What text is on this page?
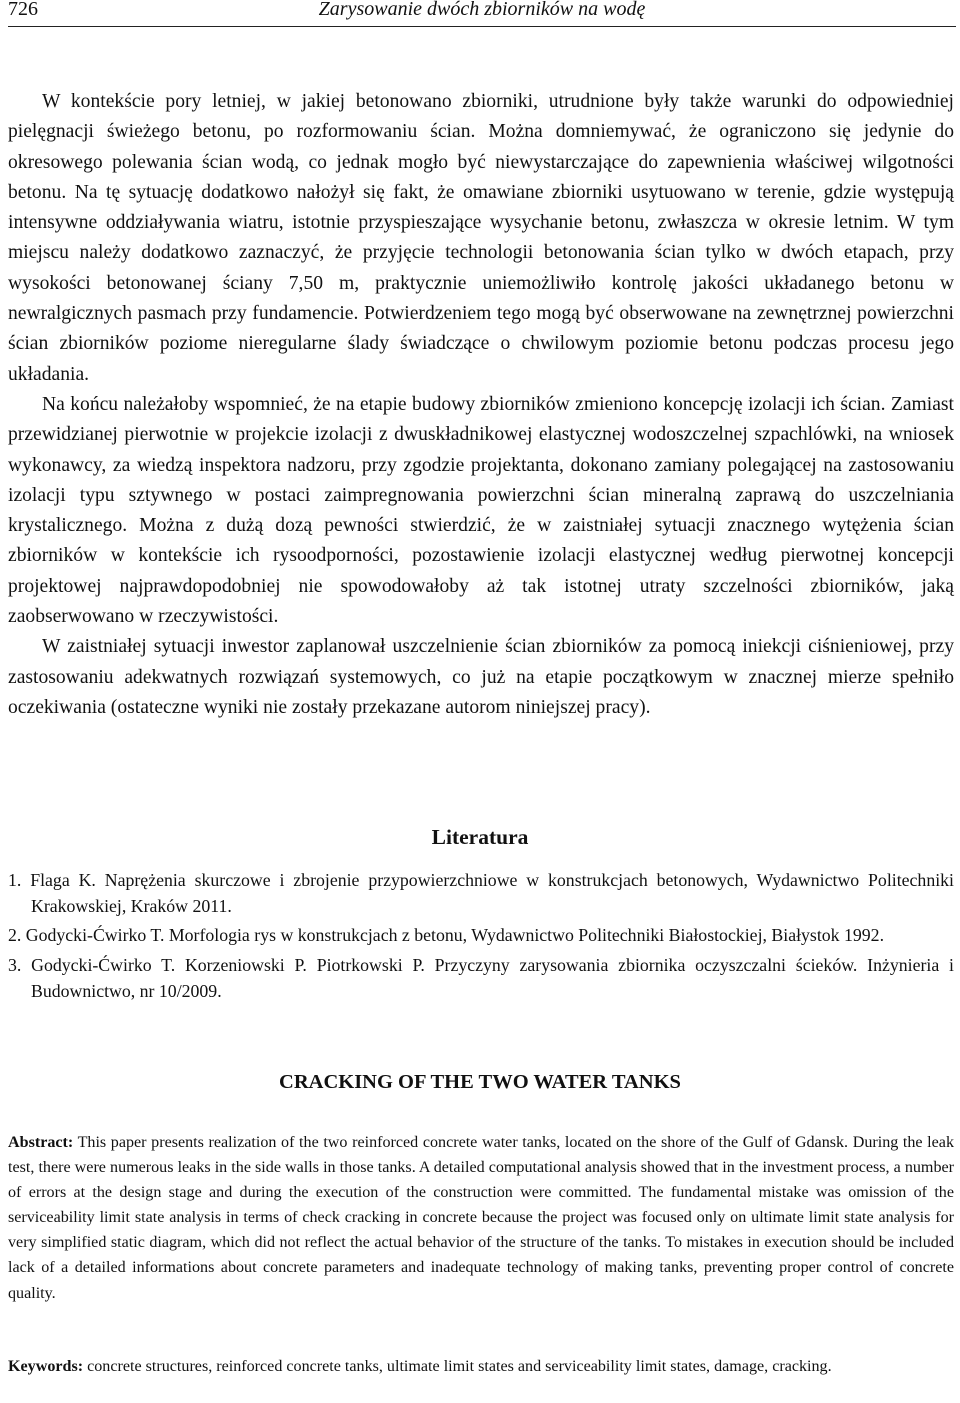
726	Zarysowanie dwóch zbiorników na wodę

W kontekście pory letniej, w jakiej betonowano zbiorniki, utrudnione były także warunki do odpowiedniej pielęgnacji świeżego betonu, po rozformowaniu ścian. Można domniemywać, że ograniczono się jedynie do okresowego polewania ścian wodą, co jednak mogło być niewystarczające do zapewnienia właściwej wilgotności betonu. Na tę sytuację dodatkowo nałożył się fakt, że omawiane zbiorniki usytuowano w terenie, gdzie występują intensywne oddziaływania wiatru, istotnie przyspieszające wysychanie betonu, zwłaszcza w okresie letnim. W tym miejscu należy dodatkowo zaznaczyć, że przyjęcie technologii betonowania ścian tylko w dwóch etapach, przy wysokości betonowanej ściany 7,50 m, praktycznie uniemożliwiło kontrolę jakości układanego betonu w newralgicznych pasmach przy fundamencie. Potwierdzeniem tego mogą być obserwowane na zewnętrznej powierzchni ścian zbiorników poziome nieregularne ślady świadczące o chwilowym poziomie betonu podczas procesu jego układania.

Na końcu należałoby wspomnieć, że na etapie budowy zbiorników zmieniono koncepcję izolacji ich ścian. Zamiast przewidzianej pierwotnie w projekcie izolacji z dwuskładnikowej elastycznej wodoszczelnej szpachlówki, na wniosek wykonawcy, za wiedzą inspektora nadzoru, przy zgodzie projektanta, dokonano zamiany polegającej na zastosowaniu izolacji typu sztywnego w postaci zaimpregnowania powierzchni ścian mineralną zaprawą do uszczelniania krystalicznego. Można z dużą dozą pewności stwierdzić, że w zaistniałej sytuacji znacznego wytężenia ścian zbiorników w kontekście ich rysoodporności, pozostawienie izolacji elastycznej według pierwotnej koncepcji projektowej najprawdopodobniej nie spowodowałoby aż tak istotnej utraty szczelności zbiorników, jaką zaobserwowano w rzeczywistości.

W zaistniałej sytuacji inwestor zaplanował uszczelnienie ścian zbiorników za pomocą iniekcji ciśnieniowej, przy zastosowaniu adekwatnych rozwiązań systemowych, co już na etapie początkowym w znacznej mierze spełniło oczekiwania (ostateczne wyniki nie zostały przekazane autorom niniejszej pracy).

Literatura
1. Flaga K. Naprężenia skurczowe i zbrojenie przypowierzchniowe w konstrukcjach betonowych, Wydawnictwo Politechniki Krakowskiej, Kraków 2011.
2. Godycki-Ćwirko T. Morfologia rys w konstrukcjach z betonu, Wydawnictwo Politechniki Białostockiej, Białystok 1992.
3. Godycki-Ćwirko T. Korzeniowski P. Piotrkowski P. Przyczyny zarysowania zbiornika oczyszczalni ścieków. Inżynieria i Budownictwo, nr 10/2009.
CRACKING OF THE TWO WATER TANKS

Abstract: This paper presents realization of the two reinforced concrete water tanks, located on the shore of the Gulf of Gdansk. During the leak test, there were numerous leaks in the side walls in those tanks. A detailed computational analysis showed that in the investment process, a number of errors at the design stage and during the execution of the construction were committed. The fundamental mistake was omission of the serviceability limit state analysis in terms of check cracking in concrete because the project was focused only on ultimate limit state analysis for very simplified static diagram, which did not reflect the actual behavior of the structure of the tanks. To mistakes in execution should be included lack of a detailed informations about concrete parameters and inadequate technology of making tanks, preventing proper control of concrete quality.

Keywords: concrete structures, reinforced concrete tanks, ultimate limit states and serviceability limit states, damage, cracking.
